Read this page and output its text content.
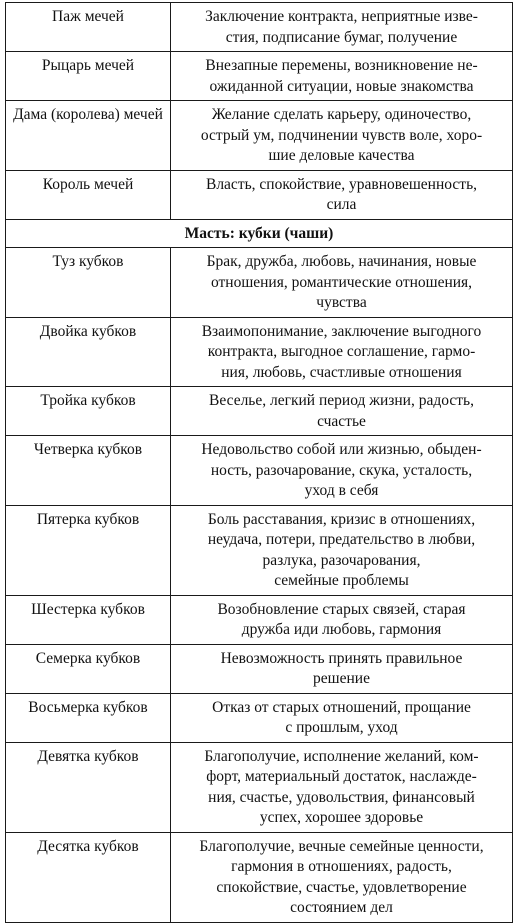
Паж мечей	Заключение контракта, неприятные изве-
стия, подписание бумаг, получение

Рыцарь мечей	Внезапные перемены, возникновение не-
ожиданной ситуации, новые знакомства

Дама (королева) мечей	Желание сделать карьеру, одиночество,
острый ум, подчинении чувств воле, хоро-
шие деловые качества

Король мечей	Власть, спокойствие, уравновешенность,
сила

Масть: кубки (чаши)	
Туз кубков	Брак, дружба, любовь, начинания, новые
отношения, романтические отношения,
чувства

Двойка кубков	Взаимопонимание, заключение выгодного
контракта, выгодное соглашение, гармо-
ния, любовь, счастливые отношения

Тройка кубков	Веселье, легкий период жизни, радость,
счастье

Четверка кубков	Недовольство собой или жизнью, обыден-
ность, разочарование, скука, усталость,
уход в себя

Пятерка кубков	Боль расставания, кризис в отношениях,
неудача, потери, предательство в любви,
разлука, разочарования,
семейные проблемы

Шестерка кубков	Возобновление старых связей, старая
дружба иди любовь, гармония

Семерка кубков	Невозможность принять правильное
решение

Восьмерка кубков	Отказ от старых отношений, прощание
с прошлым, уход

Девятка кубков	Благополучие, исполнение желаний, ком-
форт, материальный достаток, наслажде-
ния, счастье, удовольствия, финансовый
успех, хорошее здоровье

Десятка кубков	Благополучие, вечные семейные ценности,
гармония в отношениях, радость,
спокойствие, счастье, удовлетворение
состоянием дел
